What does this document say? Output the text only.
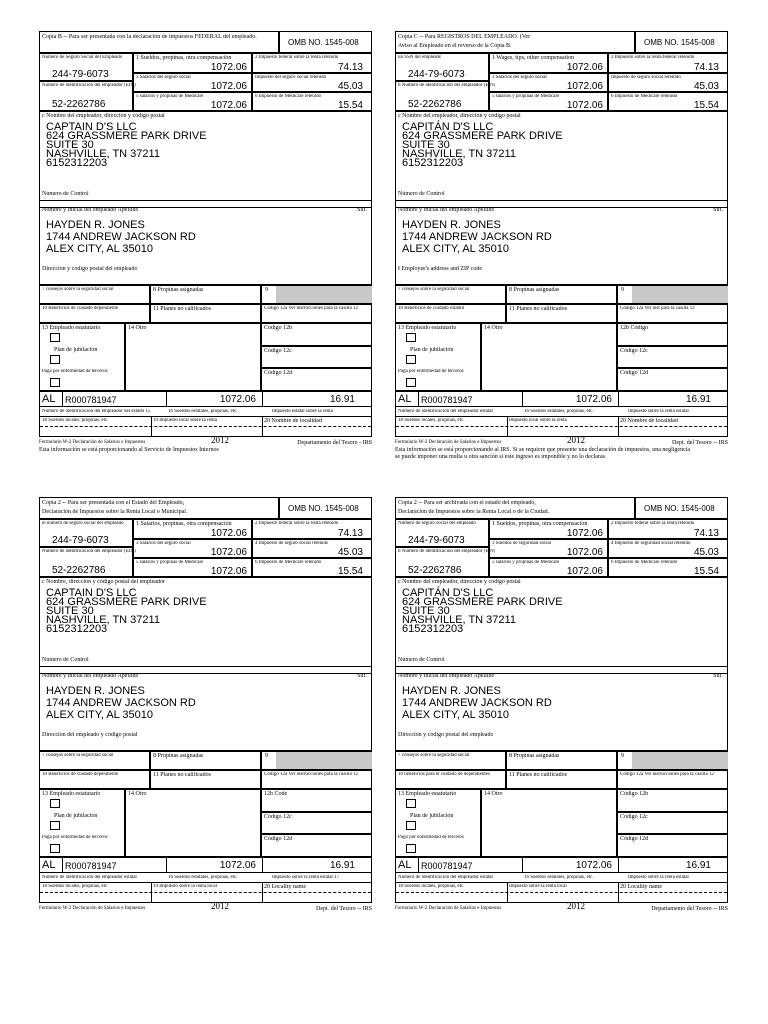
Copia B -- Para ser presentada con la declaración de impuestos FEDERAL del empleado.
OMB NO. 1545-008
Número de Seguro Social del Empleado
244-79-6073
Numero de identificación del empleador (EIN)
52-2262786
1 Sueldos, propinas, otra compensación
1072.06
2 Impuesto federal sobre la renta retenido
74.13
3 Salarios del seguro social
1072.06
Impuesto del seguro social retenido
45.03
5 salarios y propinas de Medicare
1072.06
6 Impuesto de Medicare retenido
15.54
c Nombre del empleador, dirección y código postal
CAPTAIN D'S LLC
624 GRASSMERE PARK DRIVE
SUITE 30
NASHVILLE, TN 37211
6152312203
Número de Control
Nombre y inicial del empleado Apellido	Suf.
HAYDEN R. JONES
1744 ANDREW JACKSON RD
ALEX CITY, AL 35010
Dirección y código postal del empleado
7 consejos sobre la seguridad social	8 Propinas asignadas	9
10 Beneficios de cuidado dependiente	11 Planes no calificados	Código 12a Ver instrucciones para la casilla 12
13 Empleado estatutario
Plan de jubilación
Paga por enfermedad de terceros
14 Otro	Código 12b
Código 12c
Código 12d
AL R000781947	1072.06	16.91
Número de identificación del empleador del estado 15	16 Sueldos estatales, propinas, etc.	Impuesto estatal sobre la renta
18 Sueldos locales, propinas, etc.	19 Impuesto local sobre la renta	20 Nombre de localidad
Formulario W-2 Declaración de Salarios e Impuestos	2012	Departamento del Tesoro - IRS
Esta información se está proporcionando al Servicio de Impuestos Internos
Copia C -- Para REGISTROS DEL EMPLEADO. (Ver
Aviso al Empleado en el reverso de la Copia B.	OMB NO. 1545-008
un SSN del empleado
244-79-6073
b Número de identificación del empleador (EIN)
52-2262786
1 Wages, tips, other compensation
1072.06
2 Impuesto sobre la renta federal retenido
74.13
3 Salarios del seguro social
1072.06
Impuesto de seguro social retenido
45.03
5 salarios y propinas de Medicare
1072.06
6 Impuesto de Medicare retenido
15.54
c Nombre del empleador, dirección y código postal
CAPITÁN D'S LLC
624 GRASSMERE PARK DRIVE
SUITE 30
NASHVILLE, TN 37211
6152312203
Número de Control
Nombre y inicial del empleado Apellido	Suf.
HAYDEN R. JONES
1744 ANDREW JACKSON RD
ALEX CITY, AL 35010
f Employee's address and ZIP code
7 consejos sobre la seguridad social	8 Propinas asignadas	9
10 Beneficios de cuidado infantil	11 Planes no calificados	Código 12a Ver inst para la casilla 12
13 Empleado estatutario
Plan de jubilación
Paga por enfermedad de terceros
14 Otro	12b Código
Código 12c
Código 12d
AL R000781947	1072.06	16.91
Número de identificación del empleador estatal	16 Sueldos estatales, propinas, etc.	Impuesto sobre la renta estatal
18 Sueldos locales, propinas, etc.	Impuesto local sobre la renta	20 Nombre de localidad
Formulario W-2 Declaración de Salarios e Impuestos	2012	Dept. del Tesoro -- IRS
Esta información se está proporcionando al IRS. Si se requiere que presente una declaración de impuestos, una negligencia
se puede imponer una multa u otra sanción si este ingreso es imponible y no lo declaras.
Copia 2 -- Para ser presentada con el Estado del Empleado,
Declaración de Impuestos sobre la Renta Local o Municipal.	OMB NO. 1545-008
el número de seguro social del empleado
244-79-6073
Número de identificación del empleador (EIN)
52-2262786
1 Salarios, propinas, otra compensación
1072.06
2 Impuesto federal sobre la renta retenido
74.13
3 Salarios del seguro social
1072.06
4 Impuesto de seguro social retenido
45.03
5 salarios y propinas de Medicare
1072.06
6 Impuesto de Medicare retenido
15.54
c Nombre, dirección y código postal del empleador
CAPTAIN D'S LLC
624 GRASSMERE PARK DRIVE
SUITE 30
NASHVILLE, TN 37211
6152312203
Número de Control
Nombre y inicial del empleado Apellido	Suf.
HAYDEN R. JONES
1744 ANDREW JACKSON RD
ALEX CITY, AL 35010
Dirección del empleado y código postal
7 consejos sobre la seguridad social	8 Propinas asignadas	9
10 Beneficios de cuidado dependiente	11 Planes no calificados	Código 12a Ver instrucciones para la casilla 12
13 Empleado estatutario
Plan de jubilación
Paga por enfermedad de terceros
14 Otro	12b Code
Código 12c
Código 12d
AL R000781947	1072.06	16.91
Número de identificación del empleador estatal	16 Sueldos estatales, propinas, etc.	Impuesto sobre la renta estatal 17
18 Sueldos locales, propinas, etc.	19 Impuesto sobre la renta local	20 Locality name
Formulario W-2 Declaración de Salarios e Impuestos	2012	Dept. del Tesoro -- IRS
Copia 2 -- Para ser archivada con el estado del empleado,
Declaración de Impuestos sobre la Renta Local o de la Ciudad.	OMB NO. 1545-008
Número de seguro social del empleado
244-79-6073
b Número de identificación del empleador (EIN)
52-2262786
1 Sueldos, propinas, otra compensación
1072.06
2 Impuesto federal sobre la renta retenido
74.13
3 Sueldos de seguridad social
1072.06
4 Impuesto de seguridad social retenido
45.03
5 salarios y propinas de Medicare
1072.06
6 Impuesto de Medicare retenido
15.54
c Nombre del empleador, dirección y código postal
CAPITÁN D'S LLC
624 GRASSMERE PARK DRIVE
SUITE 30
NASHVILLE, TN 37211
6152312203
Número de Control
Nombre y inicial del empleado Apellido	Suf.
HAYDEN R. JONES
1744 ANDREW JACKSON RD
ALEX CITY, AL 35010
Dirección y código postal del empleado
7 consejos sobre la seguridad social	8 Propinas asignadas	9
10 beneficios para el cuidado de dependientes	11 Planes no calificados	Código 12a Ver instrucciones para la casilla 12
13 Empleado estatutario
Plan de jubilación
Pago por enfermedad de terceros
14 Otro	Código 12b
Código 12c
Código 12d
AL R000781947	1072.06	16.91
Número de identificación del empleador estatal	16 Sueldos estatales, propinas, etc.	Impuesto sobre la renta estatal
18 Sueldos locales, propinas, etc.	Impuesto sobre la renta local	20 Locality name
Formulario W-2 Declaración de Salarios e Impuestos	2012	Departamento del Tesoro -- IRS
